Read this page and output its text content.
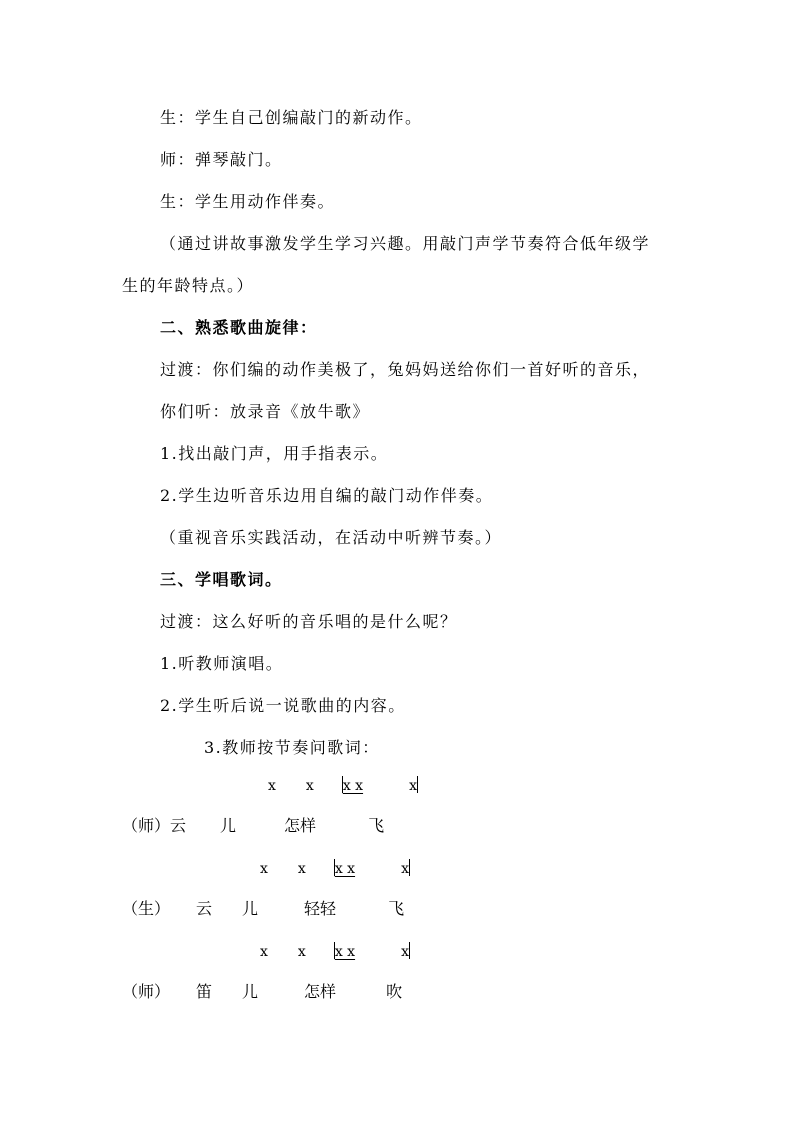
生：学生自己创编敲门的新动作。
师：弹琴敲门。
生：学生用动作伴奏。
（通过讲故事激发学生学习兴趣。用敲门声学节奏符合低年级学
生的年龄特点。）
二、熟悉歌曲旋律：
过渡：你们编的动作美极了，兔妈妈送给你们一首好听的音乐，
你们听：放录音《放牛歌》
1.找出敲门声，用手指表示。
2.学生边听音乐边用自编的敲门动作伴奏。
（重视音乐实践活动，在活动中听辨节奏。）
三、学唱歌词。
过渡：这么好听的音乐唱的是什么呢？
1.听教师演唱。
2.学生听后说一说歌曲的内容。
3.教师按节奏问歌词：
x x x x	x
（师）云 儿	怎样	飞
x x x x	x
（生） 云 儿	轻轻	飞
x x x x	x
（师） 笛 儿	怎样	吹
